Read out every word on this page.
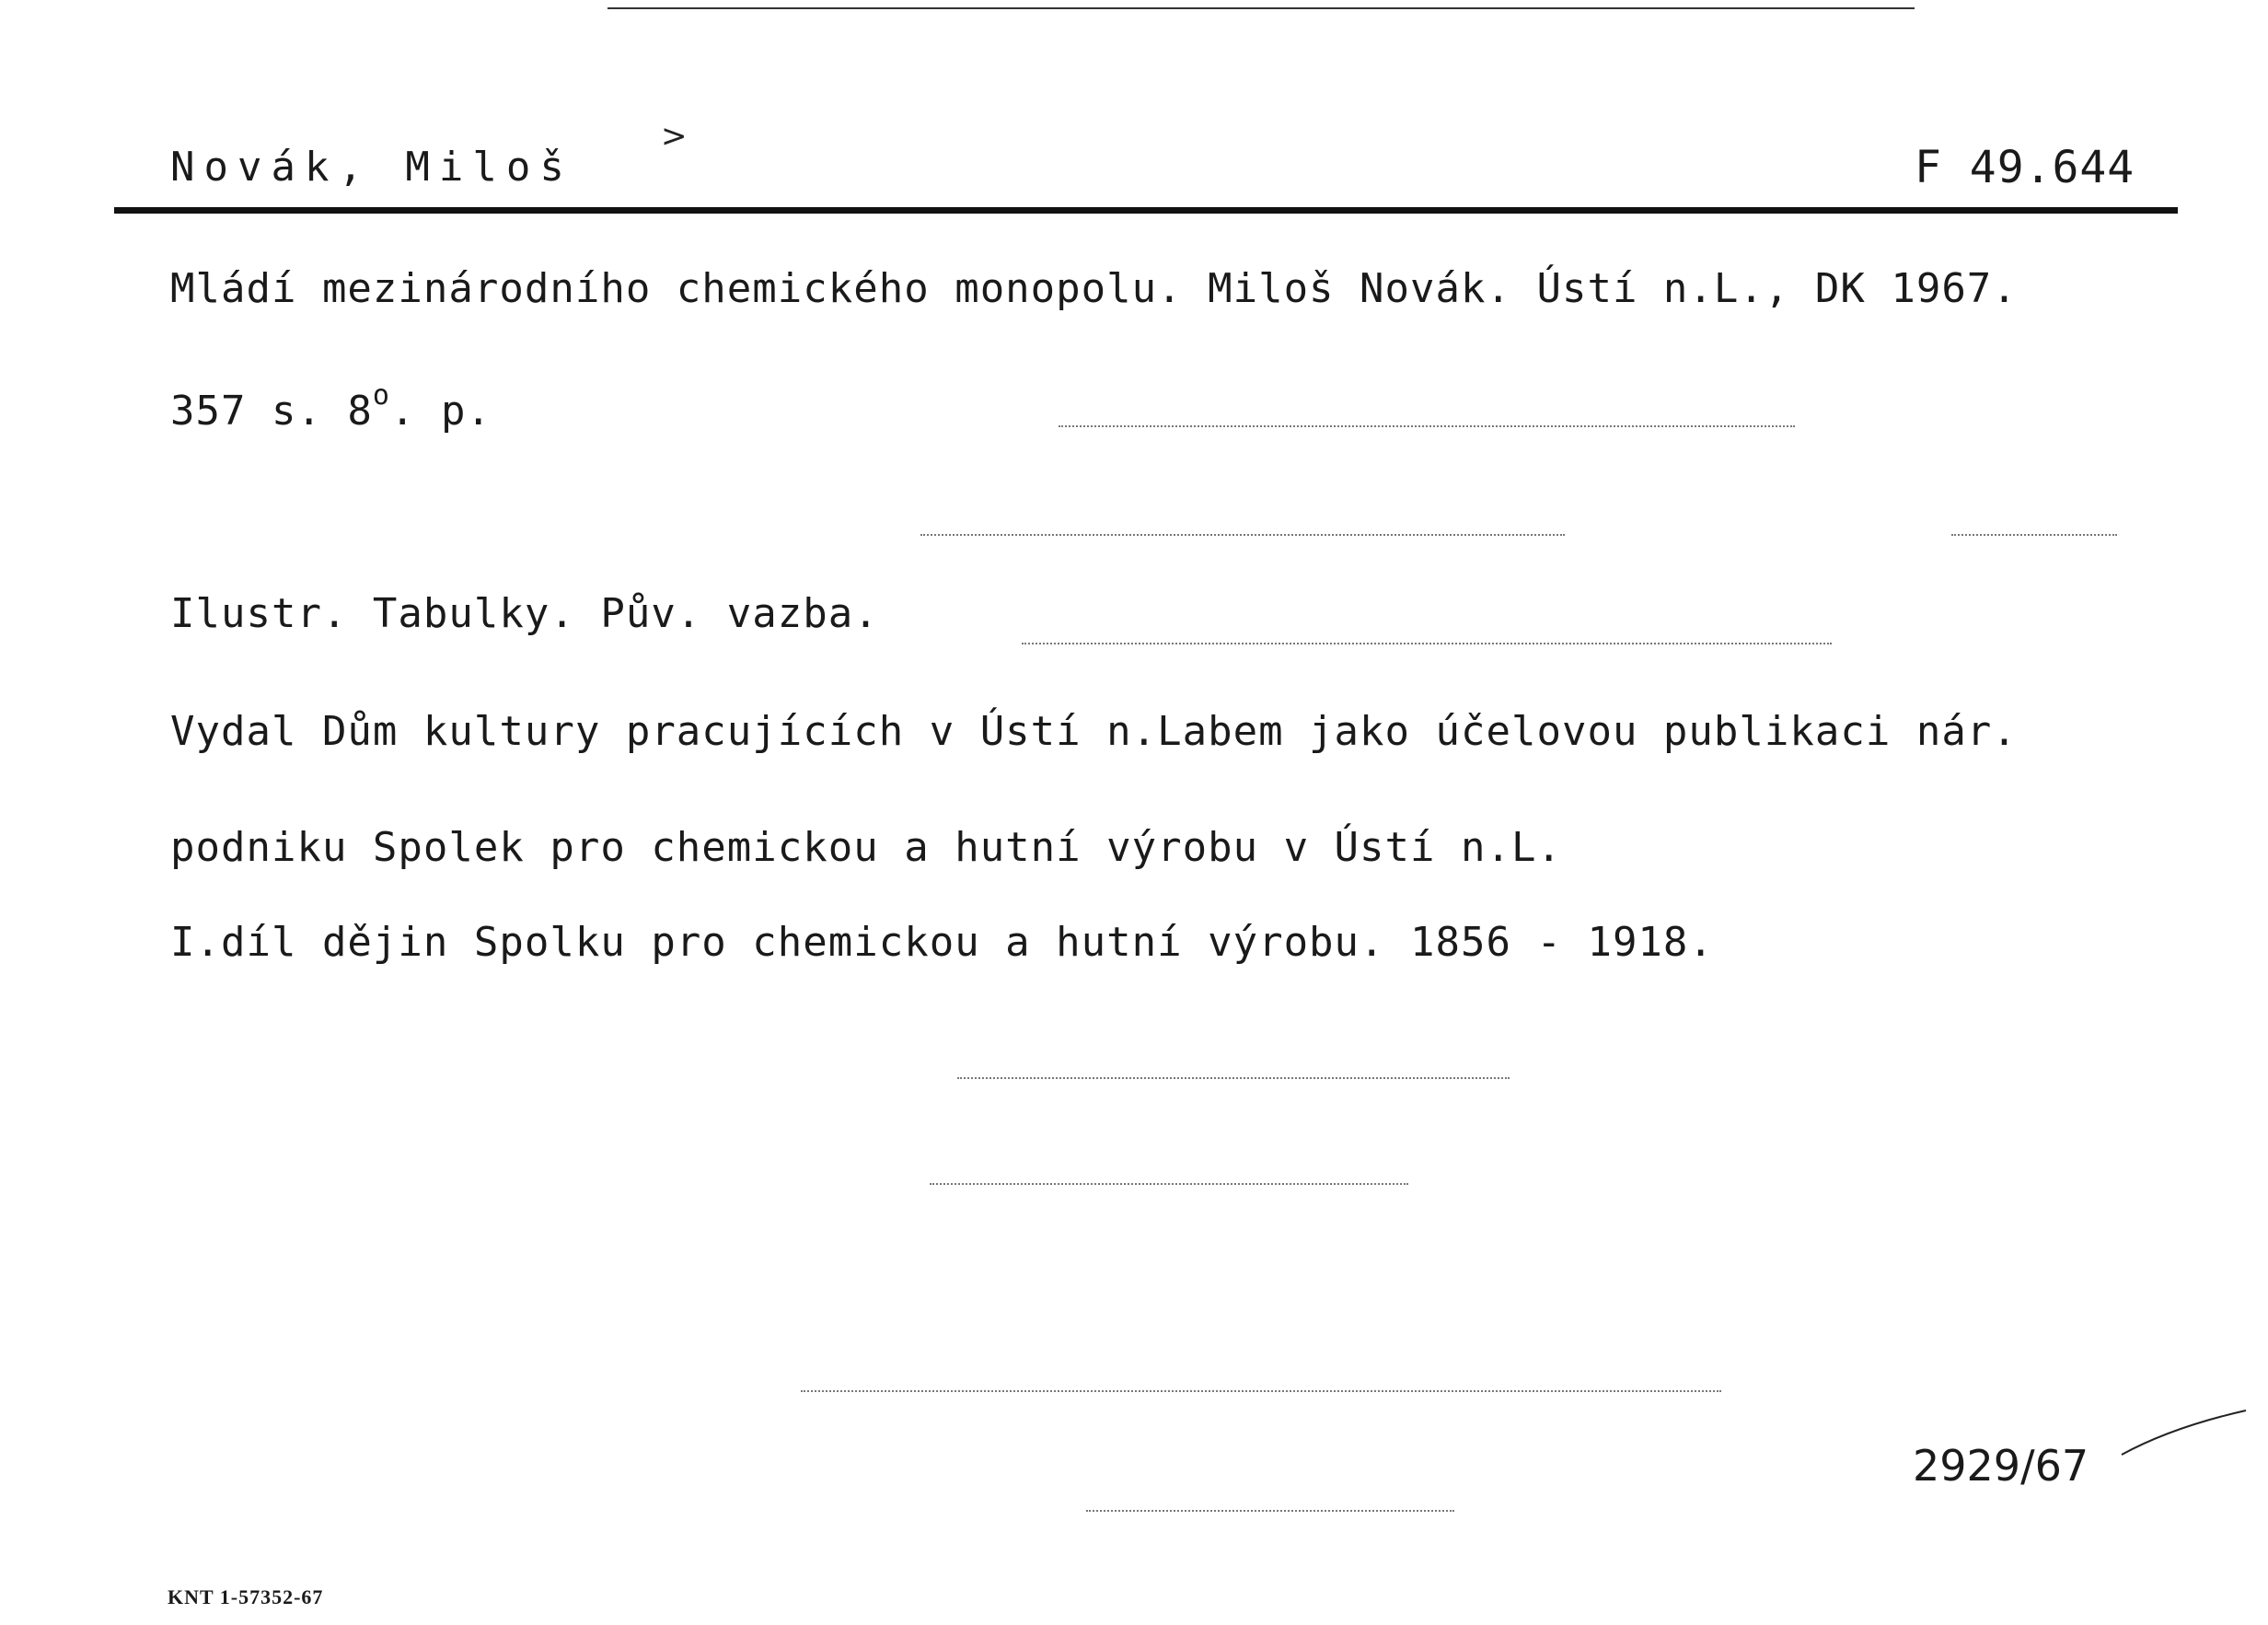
Novák, Miloš
>
F 49.644
Mládí mezinárodního chemického monopolu. Miloš Novák. Ústí n.L., DK 1967.
357 s. 8$^o$. p.
Ilustr. Tabulky. Pův. vazba.
Vydal Dům kultury pracujících v Ústí n.Labem jako účelovou publikaci nár.
podniku Spolek pro chemickou a hutní výrobu v Ústí n.L.
I.díl dějin Spolku pro chemickou a hutní výrobu. 1856 - 1918.
2929/67
KNT 1-57352-67
